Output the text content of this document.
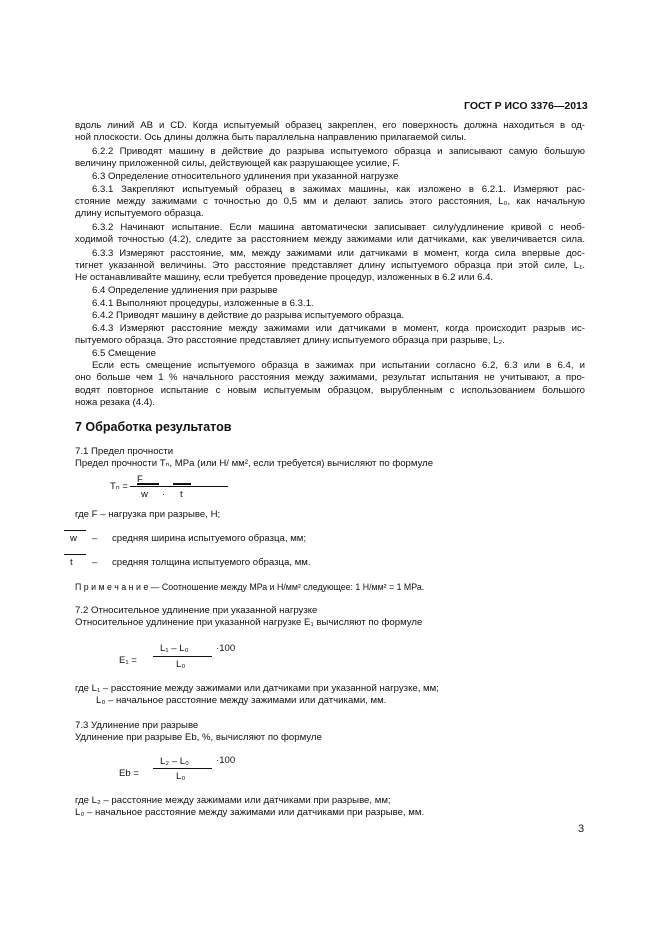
ГОСТ Р ИСО 3376—2013
вдоль линий AB и CD. Когда испытуемый образец закреплен, его поверхность должна находиться в од-
ной плоскости. Ось длины должна быть параллельна направлению прилагаемой силы.
6.2.2 Приводят машину в действие до разрыва испытуемого образца и записывают самую большую
величину приложенной силы, действующей как разрушающее усилие, F.
6.3 Определение относительного удлинения при указанной нагрузке
6.3.1 Закрепляют испытуемый образец в зажимах машины, как изложено в 6.2.1. Измеряют рас-
стояние между зажимами с точностью до 0,5 мм и делают запись этого расстояния, L₀, как начальную
длину испытуемого образца.
6.3.2 Начинают испытание. Если машина автоматически записывает силу/удлинение кривой с необ-
ходимой точностью (4.2), следите за расстоянием между зажимами или датчиками, как увеличивается сила.
6.3.3 Измеряют расстояние, мм, между зажимами или датчиками в момент, когда сила впервые дос-
тигнет указанной величины. Это расстояние представляет длину испытуемого образца при этой силе, L₁.
Не останавливайте машину, если требуется проведение процедур, изложенных в 6.2 или 6.4.
6.4 Определение удлинения при разрыве
6.4.1 Выполняют процедуры, изложенные в 6.3.1.
6.4.2 Приводят машину в действие до разрыва испытуемого образца.
6.4.3 Измеряют расстояние между зажимами или датчиками в момент, когда происходит разрыв ис-
пытуемого образца. Это расстояние представляет длину испытуемого образца при разрыве, L₂.
6.5 Смещение
Если есть смещение испытуемого образца в зажимах при испытании согласно 6.2, 6.3 или в 6.4, и
оно больше чем 1 % начального расстояния между зажимами, результат испытания не учитывают, а про-
водят повторное испытание с новым испытуемым образцом, вырубленным с использованием большого
ножа резака (4.4).
7 Обработка результатов
7.1 Предел прочности
Предел прочности Tₙ, MPa (или Н/ мм², если требуется) вычисляют по формуле
Tₙ =
F
w · t
где F – нагрузка при разрыве, Н;
w – средняя ширина испытуемого образца, мм;
t – средняя толщина испытуемого образца, мм.
П р и м е ч а н и е — Соотношение между МРа и Н/мм² следующее: 1 Н/мм² = 1 МРа.
7.2 Относительное удлинение при указанной нагрузке
Относительное удлинение при указанной нагрузке E₁ вычисляют по формуле
E₁ =
L₁ – L₀
L₀
·100
где L₁ – расстояние между зажимами или датчиками при указанной нагрузке, мм;
L₀ – начальное расстояние между зажимами или датчиками, мм.
7.3 Удлинение при разрыве
Удлинение при разрыве Eb, %, вычисляют по формуле
Eb =
L₂ – L₀
L₀
·100
где L₂ – расстояние между зажимами или датчиками при разрыве, мм;
L₀ – начальное расстояние между зажимами или датчиками при разрыве, мм.
3
